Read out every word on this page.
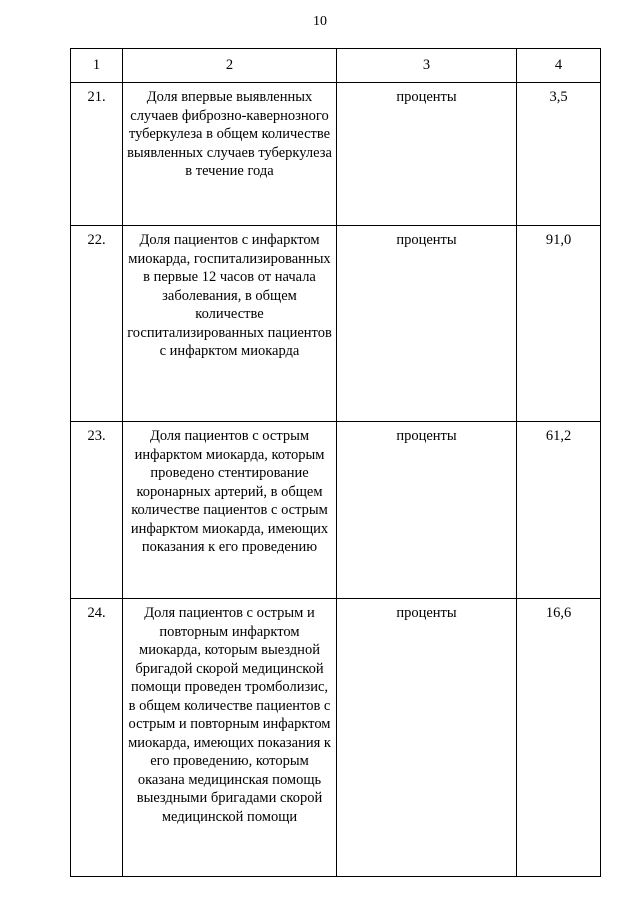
10
1	2	3	4
21.	Доля впервые выявленных случаев фиброзно-кавернозного туберкулеза в общем количестве выявленных случаев туберкулеза в течение года	проценты	3,5
22.	Доля пациентов с инфарктом миокарда, госпитализированных в первые 12 часов от начала заболевания, в общем количестве госпитализированных пациентов с инфарктом миокарда	проценты	91,0
23.	Доля пациентов с острым инфарктом миокарда, которым проведено стентирование коронарных артерий, в общем количестве пациентов с острым инфарктом миокарда, имеющих показания к его проведению	проценты	61,2
24.	Доля пациентов с острым и повторным инфарктом миокарда, которым выездной бригадой скорой медицинской помощи проведен тромболизис, в общем количестве пациентов с острым и повторным инфарктом миокарда, имеющих показания к его проведению, которым оказана медицинская помощь выездными бригадами скорой медицинской помощи	проценты	16,6
